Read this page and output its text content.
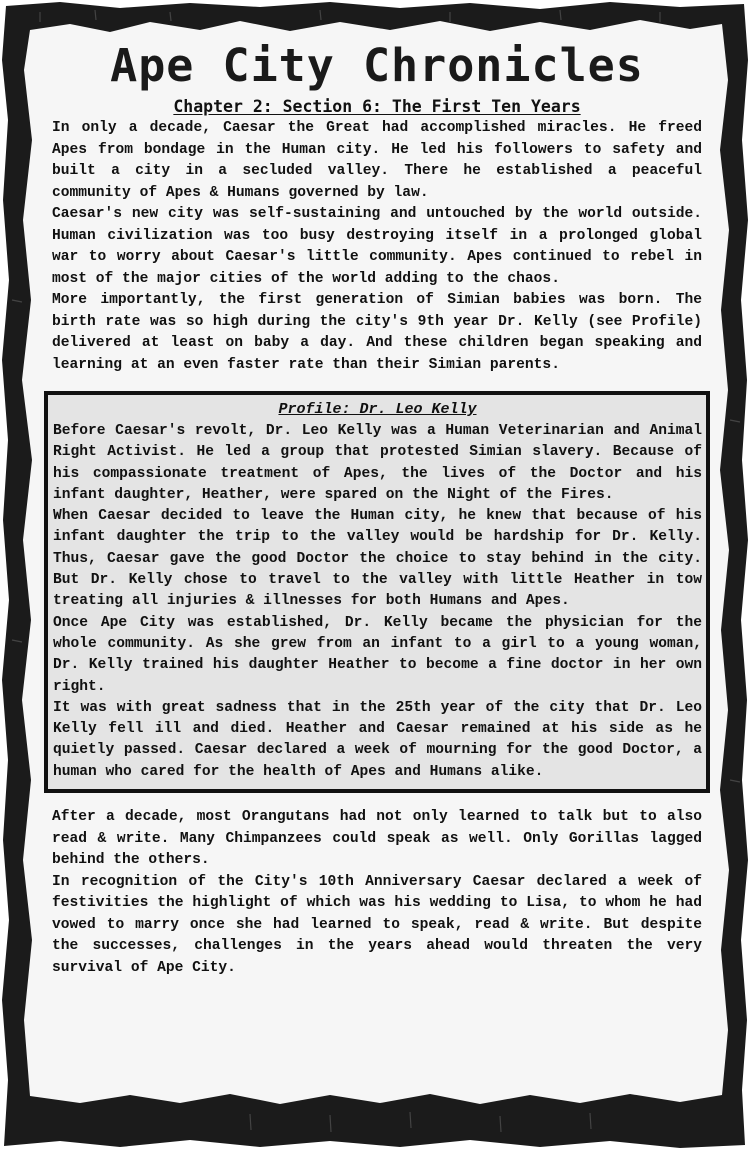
Ape City Chronicles
Chapter 2: Section 6: The First Ten Years

In only a decade, Caesar the Great had accomplished miracles. He freed Apes from bondage in the Human city. He led his followers to safety and built a city in a secluded valley. There he established a peaceful community of Apes & Humans governed by law.

Caesar's new city was self-sustaining and untouched by the world outside. Human civilization was too busy destroying itself in a prolonged global war to worry about Caesar's little community. Apes continued to rebel in most of the major cities of the world adding to the chaos.

More importantly, the first generation of Simian babies was born. The birth rate was so high during the city's 9th year Dr. Kelly (see Profile) delivered at least on baby a day. And these children began speaking and learning at an even faster rate than their Simian parents.

Profile: Dr. Leo Kelly

Before Caesar's revolt, Dr. Leo Kelly was a Human Veterinarian and Animal Right Activist. He led a group that protested Simian slavery. Because of his compassionate treatment of Apes, the lives of the Doctor and his infant daughter, Heather, were spared on the Night of the Fires.

When Caesar decided to leave the Human city, he knew that because of his infant daughter the trip to the valley would be hardship for Dr. Kelly. Thus, Caesar gave the good Doctor the choice to stay behind in the city. But Dr. Kelly chose to travel to the valley with little Heather in tow treating all injuries & illnesses for both Humans and Apes.

Once Ape City was established, Dr. Kelly became the physician for the whole community. As she grew from an infant to a girl to a young woman, Dr. Kelly trained his daughter Heather to become a fine doctor in her own right.

It was with great sadness that in the 25th year of the city that Dr. Leo Kelly fell ill and died. Heather and Caesar remained at his side as he quietly passed. Caesar declared a week of mourning for the good Doctor, a human who cared for the health of Apes and Humans alike.

After a decade, most Orangutans had not only learned to talk but to also read & write. Many Chimpanzees could speak as well. Only Gorillas lagged behind the others.

In recognition of the City's 10th Anniversary Caesar declared a week of festivities the highlight of which was his wedding to Lisa, to whom he had vowed to marry once she had learned to speak, read & write. But despite the successes, challenges in the years ahead would threaten the very survival of Ape City.
